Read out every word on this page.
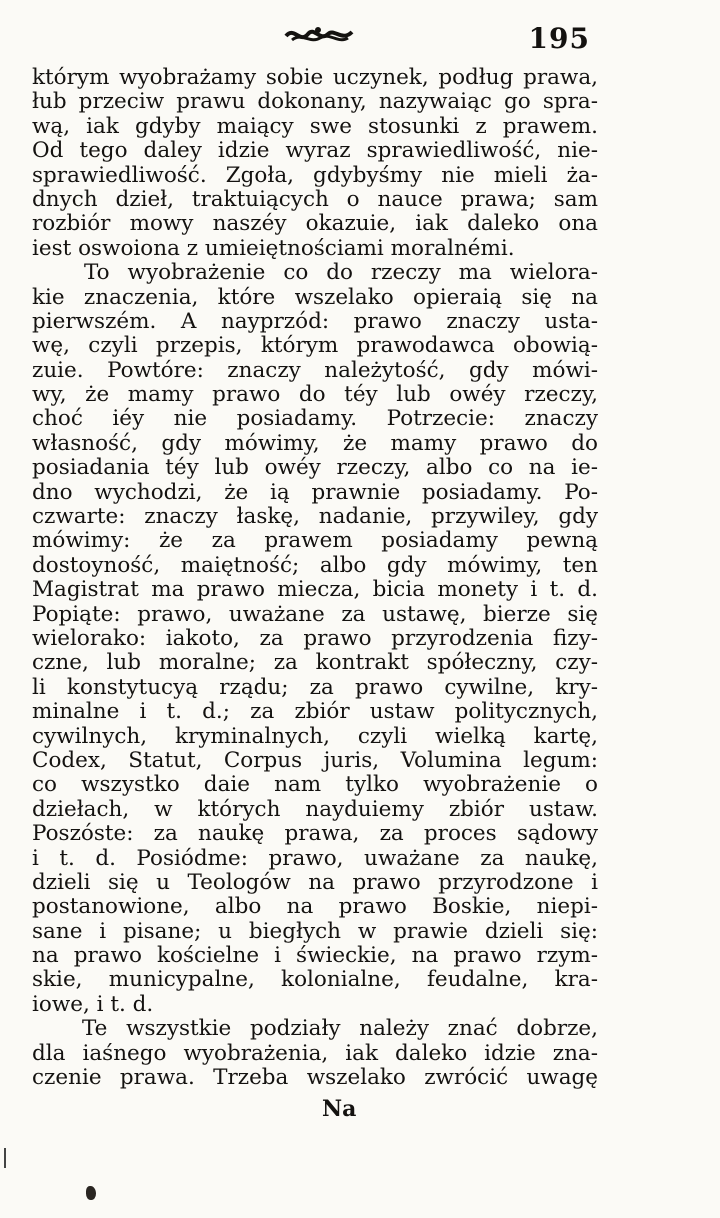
195
którym wyobrażamy sobie uczynek, podług prawa,
łub przeciw prawu dokonany, nazywaiąc go spra-
wą, iak gdyby maiący swe stosunki z prawem.
Od tego daley idzie wyraz sprawiedliwość, nie-
sprawiedliwość. Zgoła, gdybyśmy nie mieli ża-
dnych dzieł, traktuiących o nauce prawa; sam
rozbiór mowy naszéy okazuie, iak daleko ona
iest oswoiona z umieiętnościami moralnémi.
To wyobrażenie co do rzeczy ma wielora-
kie znaczenia, które wszelako opieraią się na
pierwszém. A nayprzód: prawo znaczy usta-
wę, czyli przepis, którym prawodawca obowią-
zuie. Powtóre: znaczy należytość, gdy mówi-
wy, że mamy prawo do téy lub owéy rzeczy,
choć iéy nie posiadamy. Potrzecie: znaczy
własność, gdy mówimy, że mamy prawo do
posiadania téy lub owéy rzeczy, albo co na ie-
dno wychodzi, że ią prawnie posiadamy. Po-
czwarte: znaczy łaskę, nadanie, przywiley, gdy
mówimy: że za prawem posiadamy pewną
dostoyność, maiętność; albo gdy mówimy, ten
Magistrat ma prawo miecza, bicia monety i t. d.
Popiąte: prawo, uważane za ustawę, bierze się
wielorako: iakoto, za prawo przyrodzenia fizy-
czne, lub moralne; za kontrakt spółeczny, czy-
li konstytucyą rządu; za prawo cywilne, kry-
minalne i t. d.; za zbiór ustaw politycznych,
cywilnych, kryminalnych, czyli wielką kartę,
Codex, Statut, Corpus juris, Volumina legum:
co wszystko daie nam tylko wyobrażenie o
dziełach, w których nayduiemy zbiór ustaw.
Poszóste: za naukę prawa, za proces sądowy
i t. d. Posiódme: prawo, uważane za naukę,
dzieli się u Teologów na prawo przyrodzone i
postanowione, albo na prawo Boskie, niepi-
sane i pisane; u biegłych w prawie dzieli się:
na prawo kościelne i świeckie, na prawo rzym-
skie, municypalne, kolonialne, feudalne, kra-
iowe, i t. d.
Te wszystkie podziały należy znać dobrze,
dla iaśnego wyobrażenia, iak daleko idzie zna-
czenie prawa. Trzeba wszelako zwrócić uwagę
Na
